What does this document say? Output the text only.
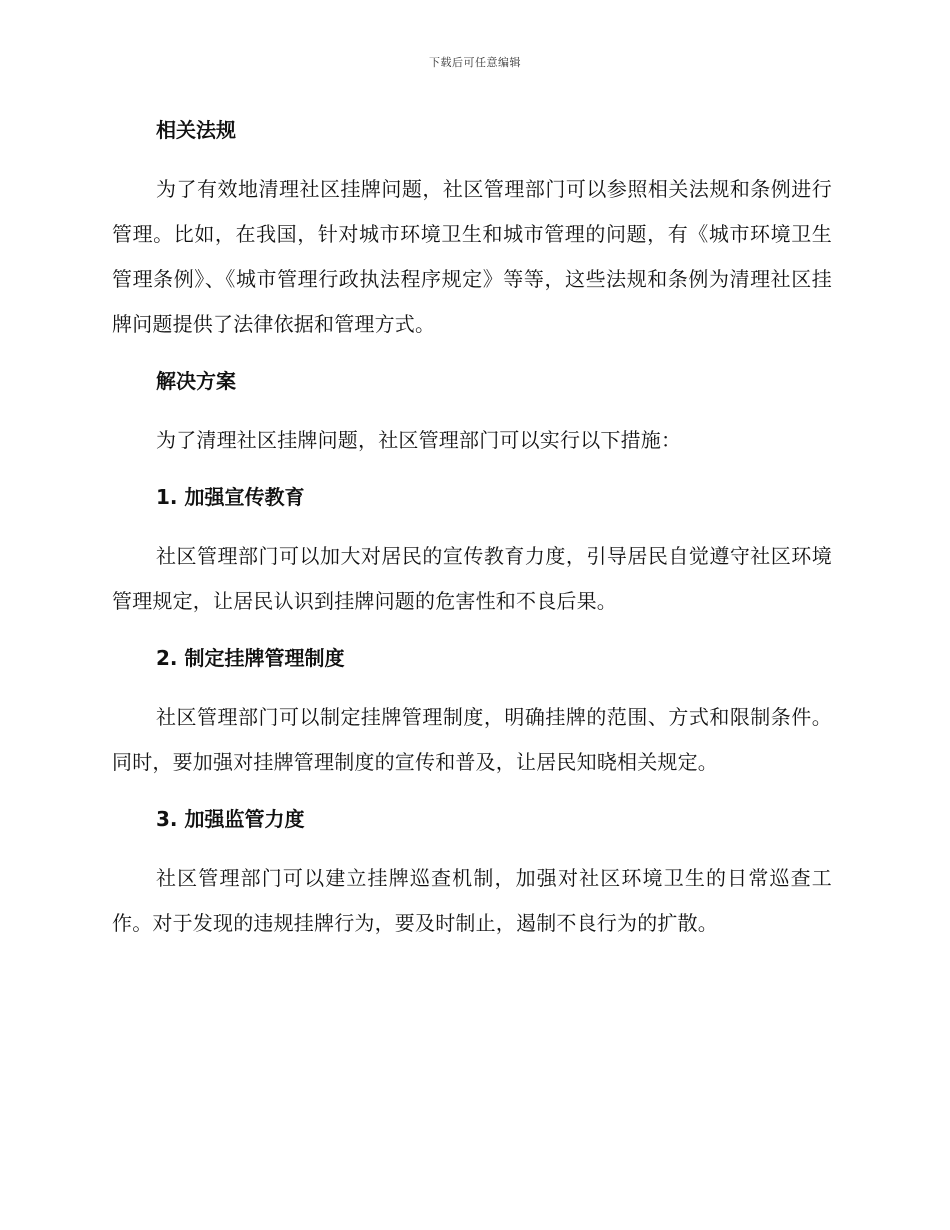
下载后可任意编辑
相关法规

为了有效地清理社区挂牌问题，社区管理部门可以参照相关法规和条例进行管理。比如，在我国，针对城市环境卫生和城市管理的问题，有《城市环境卫生管理条例》、《城市管理行政执法程序规定》等等，这些法规和条例为清理社区挂牌问题提供了法律依据和管理方式。

解决方案

为了清理社区挂牌问题，社区管理部门可以实行以下措施：

1. 加强宣传教育

社区管理部门可以加大对居民的宣传教育力度，引导居民自觉遵守社区环境管理规定，让居民认识到挂牌问题的危害性和不良后果。

2. 制定挂牌管理制度

社区管理部门可以制定挂牌管理制度，明确挂牌的范围、方式和限制条件。同时，要加强对挂牌管理制度的宣传和普及，让居民知晓相关规定。

3. 加强监管力度

社区管理部门可以建立挂牌巡查机制，加强对社区环境卫生的日常巡查工作。对于发现的违规挂牌行为，要及时制止，遏制不良行为的扩散。
